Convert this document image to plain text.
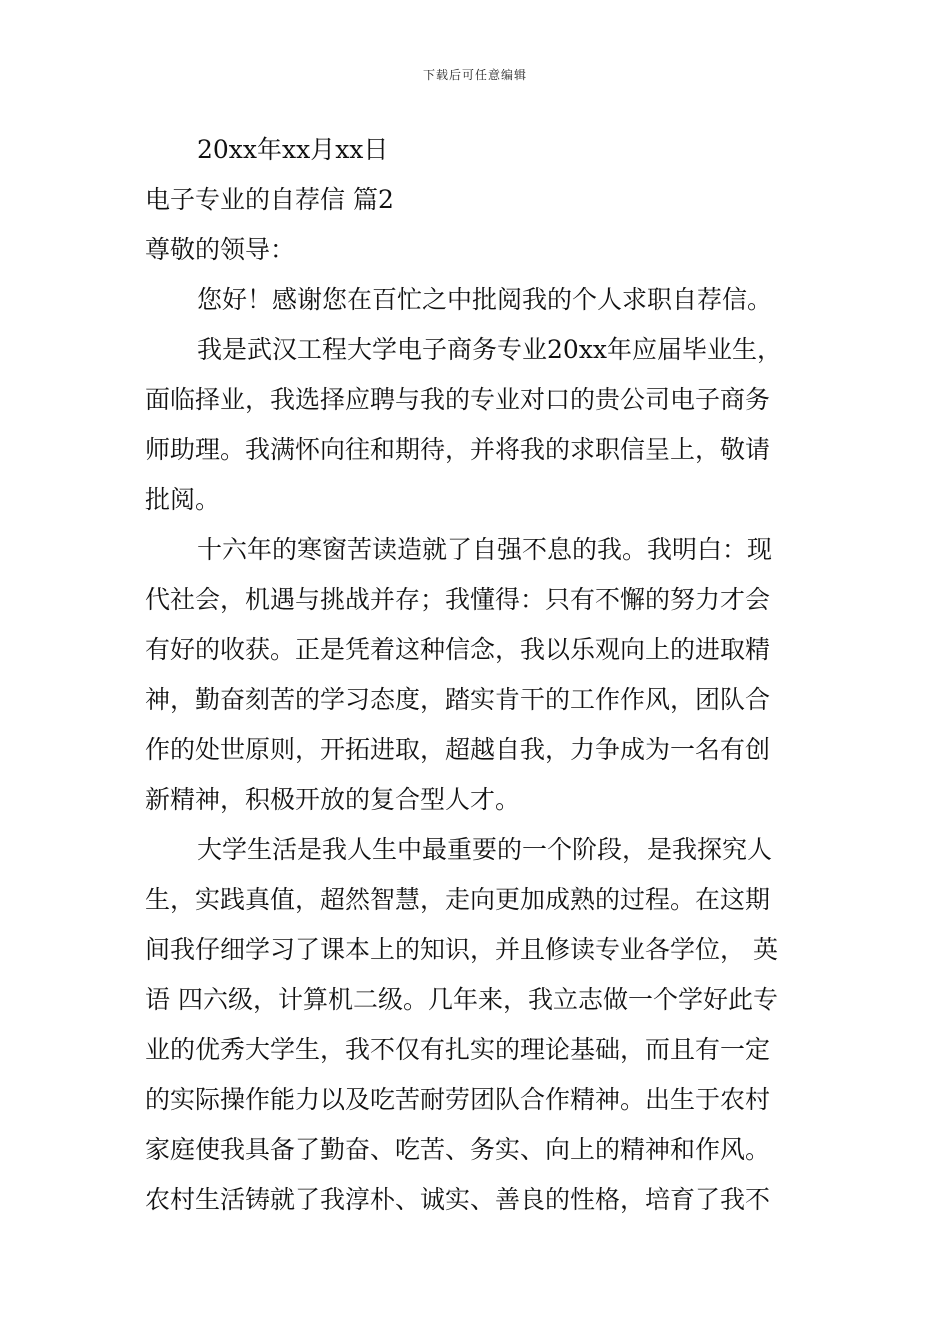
下载后可任意编辑
20xx年xx月xx日
电子专业的自荐信 篇2
尊敬的领导：
您好！感谢您在百忙之中批阅我的个人求职自荐信。
我是武汉工程大学电子商务专业20xx年应届毕业生，
面临择业，我选择应聘与我的专业对口的贵公司电子商务
师助理。我满怀向往和期待，并将我的求职信呈上，敬请
批阅。
十六年的寒窗苦读造就了自强不息的我。我明白：现
代社会，机遇与挑战并存；我懂得：只有不懈的努力才会
有好的收获。正是凭着这种信念，我以乐观向上的进取精
神，勤奋刻苦的学习态度，踏实肯干的工作作风，团队合
作的处世原则，开拓进取，超越自我，力争成为一名有创
新精神，积极开放的复合型人才。
大学生活是我人生中最重要的一个阶段，是我探究人
生，实践真值，超然智慧，走向更加成熟的过程。在这期
间我仔细学习了课本上的知识，并且修读专业各学位， 英
语 四六级，计算机二级。几年来，我立志做一个学好此专
业的优秀大学生，我不仅有扎实的理论基础，而且有一定
的实际操作能力以及吃苦耐劳团队合作精神。出生于农村
家庭使我具备了勤奋、吃苦、务实、向上的精神和作风。
农村生活铸就了我淳朴、诚实、善良的性格，培育了我不
